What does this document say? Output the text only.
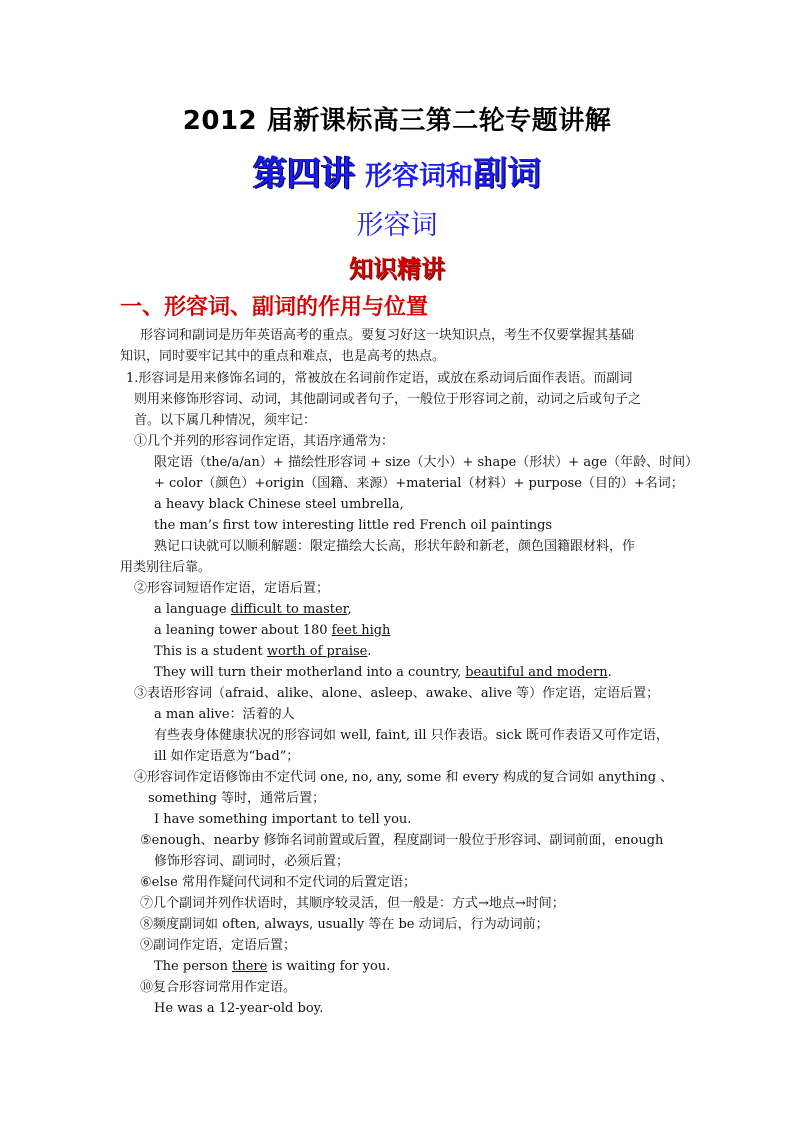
2012 届新课标高三第二轮专题讲解
第四讲 形容词和副词
形容词
知识精讲
一、形容词、副词的作用与位置
形容词和副词是历年英语高考的重点。要复习好这一块知识点，考生不仅要掌握其基础
知识，同时要牢记其中的重点和难点，也是高考的热点。
1.形容词是用来修饰名词的，常被放在名词前作定语，或放在系动词后面作表语。而副词
则用来修饰形容词、动词，其他副词或者句子，一般位于形容词之前，动词之后或句子之
首。以下属几种情况，须牢记：
①几个并列的形容词作定语，其语序通常为：
限定语（the/a/an）+ 描绘性形容词 + size（大小）+ shape（形状）+ age（年龄、时间）
+ color（颜色）+origin（国籍、来源）+material（材料）+ purpose（目的）+名词；
a heavy black Chinese steel umbrella,
the man’s first tow interesting little red French oil paintings
熟记口诀就可以顺利解题：限定描绘大长高，形状年龄和新老，颜色国籍跟材料，作
用类别往后靠。
②形容词短语作定语，定语后置；
a language difficult to master,
a leaning tower about 180 feet high
This is a student worth of praise.
They will turn their motherland into a country, beautiful and modern.
③表语形容词（afraid、alike、alone、asleep、awake、alive 等）作定语，定语后置；
a man alive：活着的人
有些表身体健康状况的形容词如 well, faint, ill 只作表语。sick 既可作表语又可作定语，
ill 如作定语意为“bad”；
④形容词作定语修饰由不定代词 one, no, any, some 和 every 构成的复合词如 anything 、
something 等时，通常后置；
I have something important to tell you.
⑤enough、nearby 修饰名词前置或后置，程度副词一般位于形容词、副词前面，enough
修饰形容词、副词时，必须后置；
⑥else 常用作疑问代词和不定代词的后置定语；
⑦几个副词并列作状语时，其顺序较灵活，但一般是：方式→地点→时间；
⑧频度副词如 often, always, usually 等在 be 动词后，行为动词前；
⑨副词作定语，定语后置；
The person there is waiting for you.
⑩复合形容词常用作定语。
He was a 12-year-old boy.
